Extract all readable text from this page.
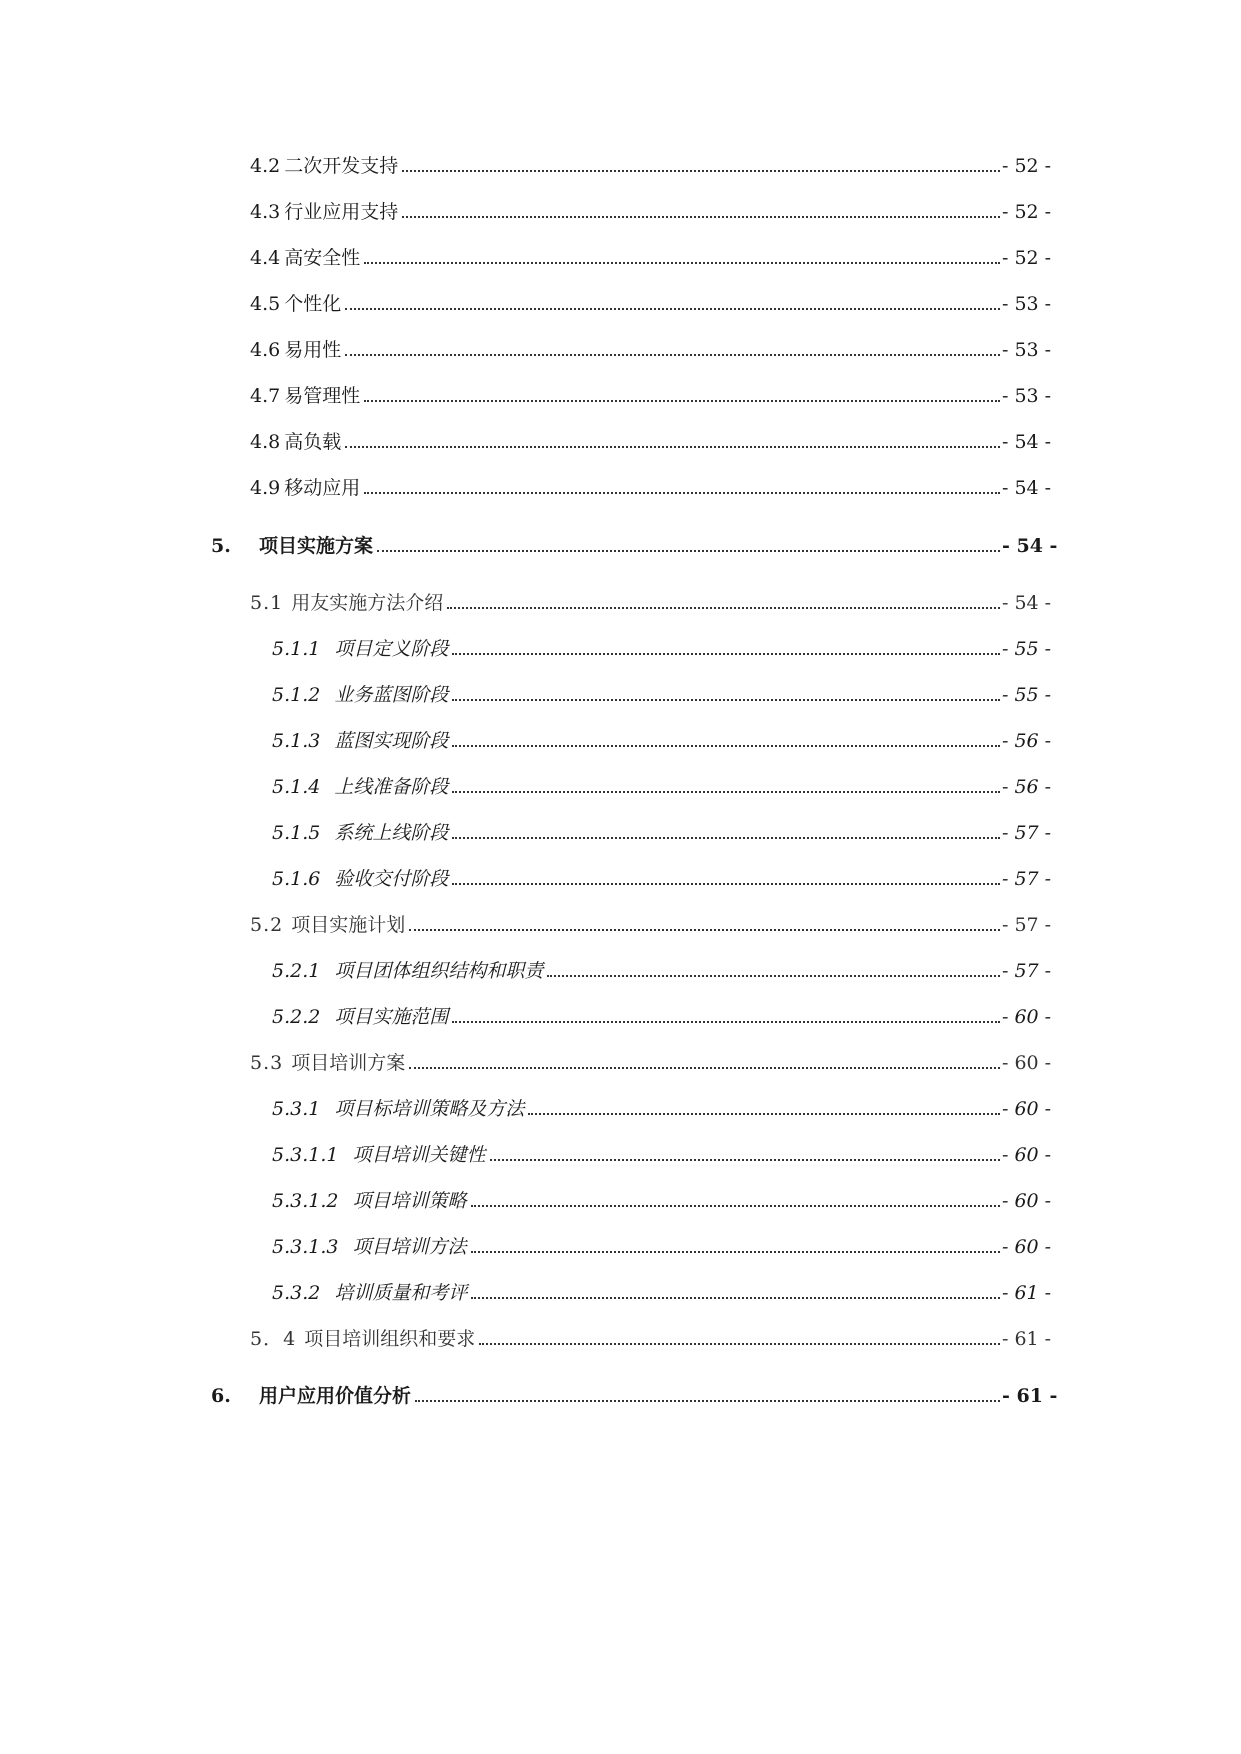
4.2 二次开发支持	- 52 -
4.3 行业应用支持	- 52 -
4.4 高安全性	- 52 -
4.5 个性化	- 53 -
4.6 易用性	- 53 -
4.7 易管理性	- 53 -
4.8 高负载	- 54 -
4.9 移动应用	- 54 -
5.	项目实施方案	- 54 -
5.1 用友实施方法介绍	- 54 -
5.1.1 项目定义阶段	- 55 -
5.1.2 业务蓝图阶段	- 55 -
5.1.3 蓝图实现阶段	- 56 -
5.1.4 上线准备阶段	- 56 -
5.1.5 系统上线阶段	- 57 -
5.1.6 验收交付阶段	- 57 -
5.2 项目实施计划	- 57 -
5.2.1 项目团体组织结构和职责	- 57 -
5.2.2 项目实施范围	- 60 -
5.3 项目培训方案	- 60 -
5.3.1 项目标培训策略及方法	- 60 -
5.3.1.1 项目培训关键性	- 60 -
5.3.1.2 项目培训策略	- 60 -
5.3.1.3 项目培训方法	- 60 -
5.3.2 培训质量和考评	- 61 -
5．4 项目培训组织和要求	- 61 -
6.	用户应用价值分析	- 61 -
